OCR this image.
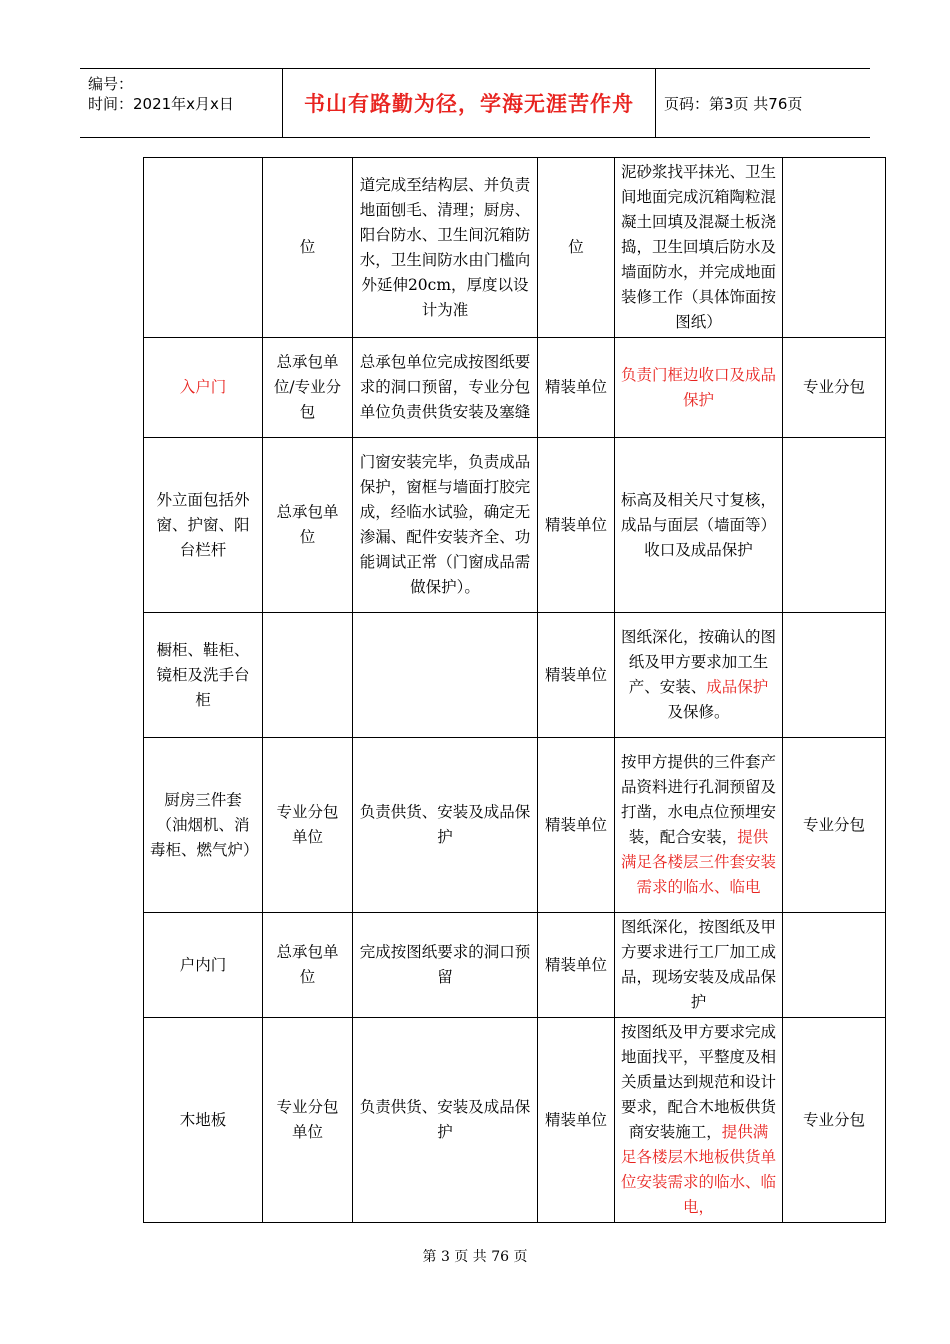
编号：
时间：2021年x月x日	书山有路勤为径，学海无涯苦作舟 页码：第3页 共76页
	位	道完成至结构层、并负责地面刨毛、清理；厨房、阳台防水、卫生间沉箱防水，卫生间防水由门槛向外延伸20cm，厚度以设计为准	位	泥砂浆找平抹光、卫生间地面完成沉箱陶粒混凝土回填及混凝土板浇捣，卫生回填后防水及墙面防水，并完成地面装修工作（具体饰面按图纸）	
入户门	总承包单位/专业分包	总承包单位完成按图纸要求的洞口预留，专业分包单位负责供货安装及塞缝	精装单位	负责门框边收口及成品保护	专业分包
外立面包括外窗、护窗、阳台栏杆	总承包单位	门窗安装完毕，负责成品保护，窗框与墙面打胶完成，经临水试验，确定无渗漏、配件安装齐全、功能调试正常（门窗成品需做保护）。	精装单位	标高及相关尺寸复核，成品与面层（墙面等）收口及成品保护	
橱柜、鞋柜、镜柜及洗手台柜			精装单位	图纸深化，按确认的图纸及甲方要求加工生产、安装、成品保护及保修。	
厨房三件套（油烟机、消毒柜、燃气炉）	专业分包单位	负责供货、安装及成品保护	精装单位	按甲方提供的三件套产品资料进行孔洞预留及打凿，水电点位预埋安装，配合安装，提供满足各楼层三件套安装需求的临水、临电	专业分包
户内门	总承包单位	完成按图纸要求的洞口预留	精装单位	图纸深化，按图纸及甲方要求进行工厂加工成品，现场安装及成品保护	
木地板	专业分包单位	负责供货、安装及成品保护	精装单位	按图纸及甲方要求完成地面找平，平整度及相关质量达到规范和设计要求，配合木地板供货商安装施工，提供满足各楼层木地板供货单位安装需求的临水、临电，	专业分包
第 3 页 共 76 页
